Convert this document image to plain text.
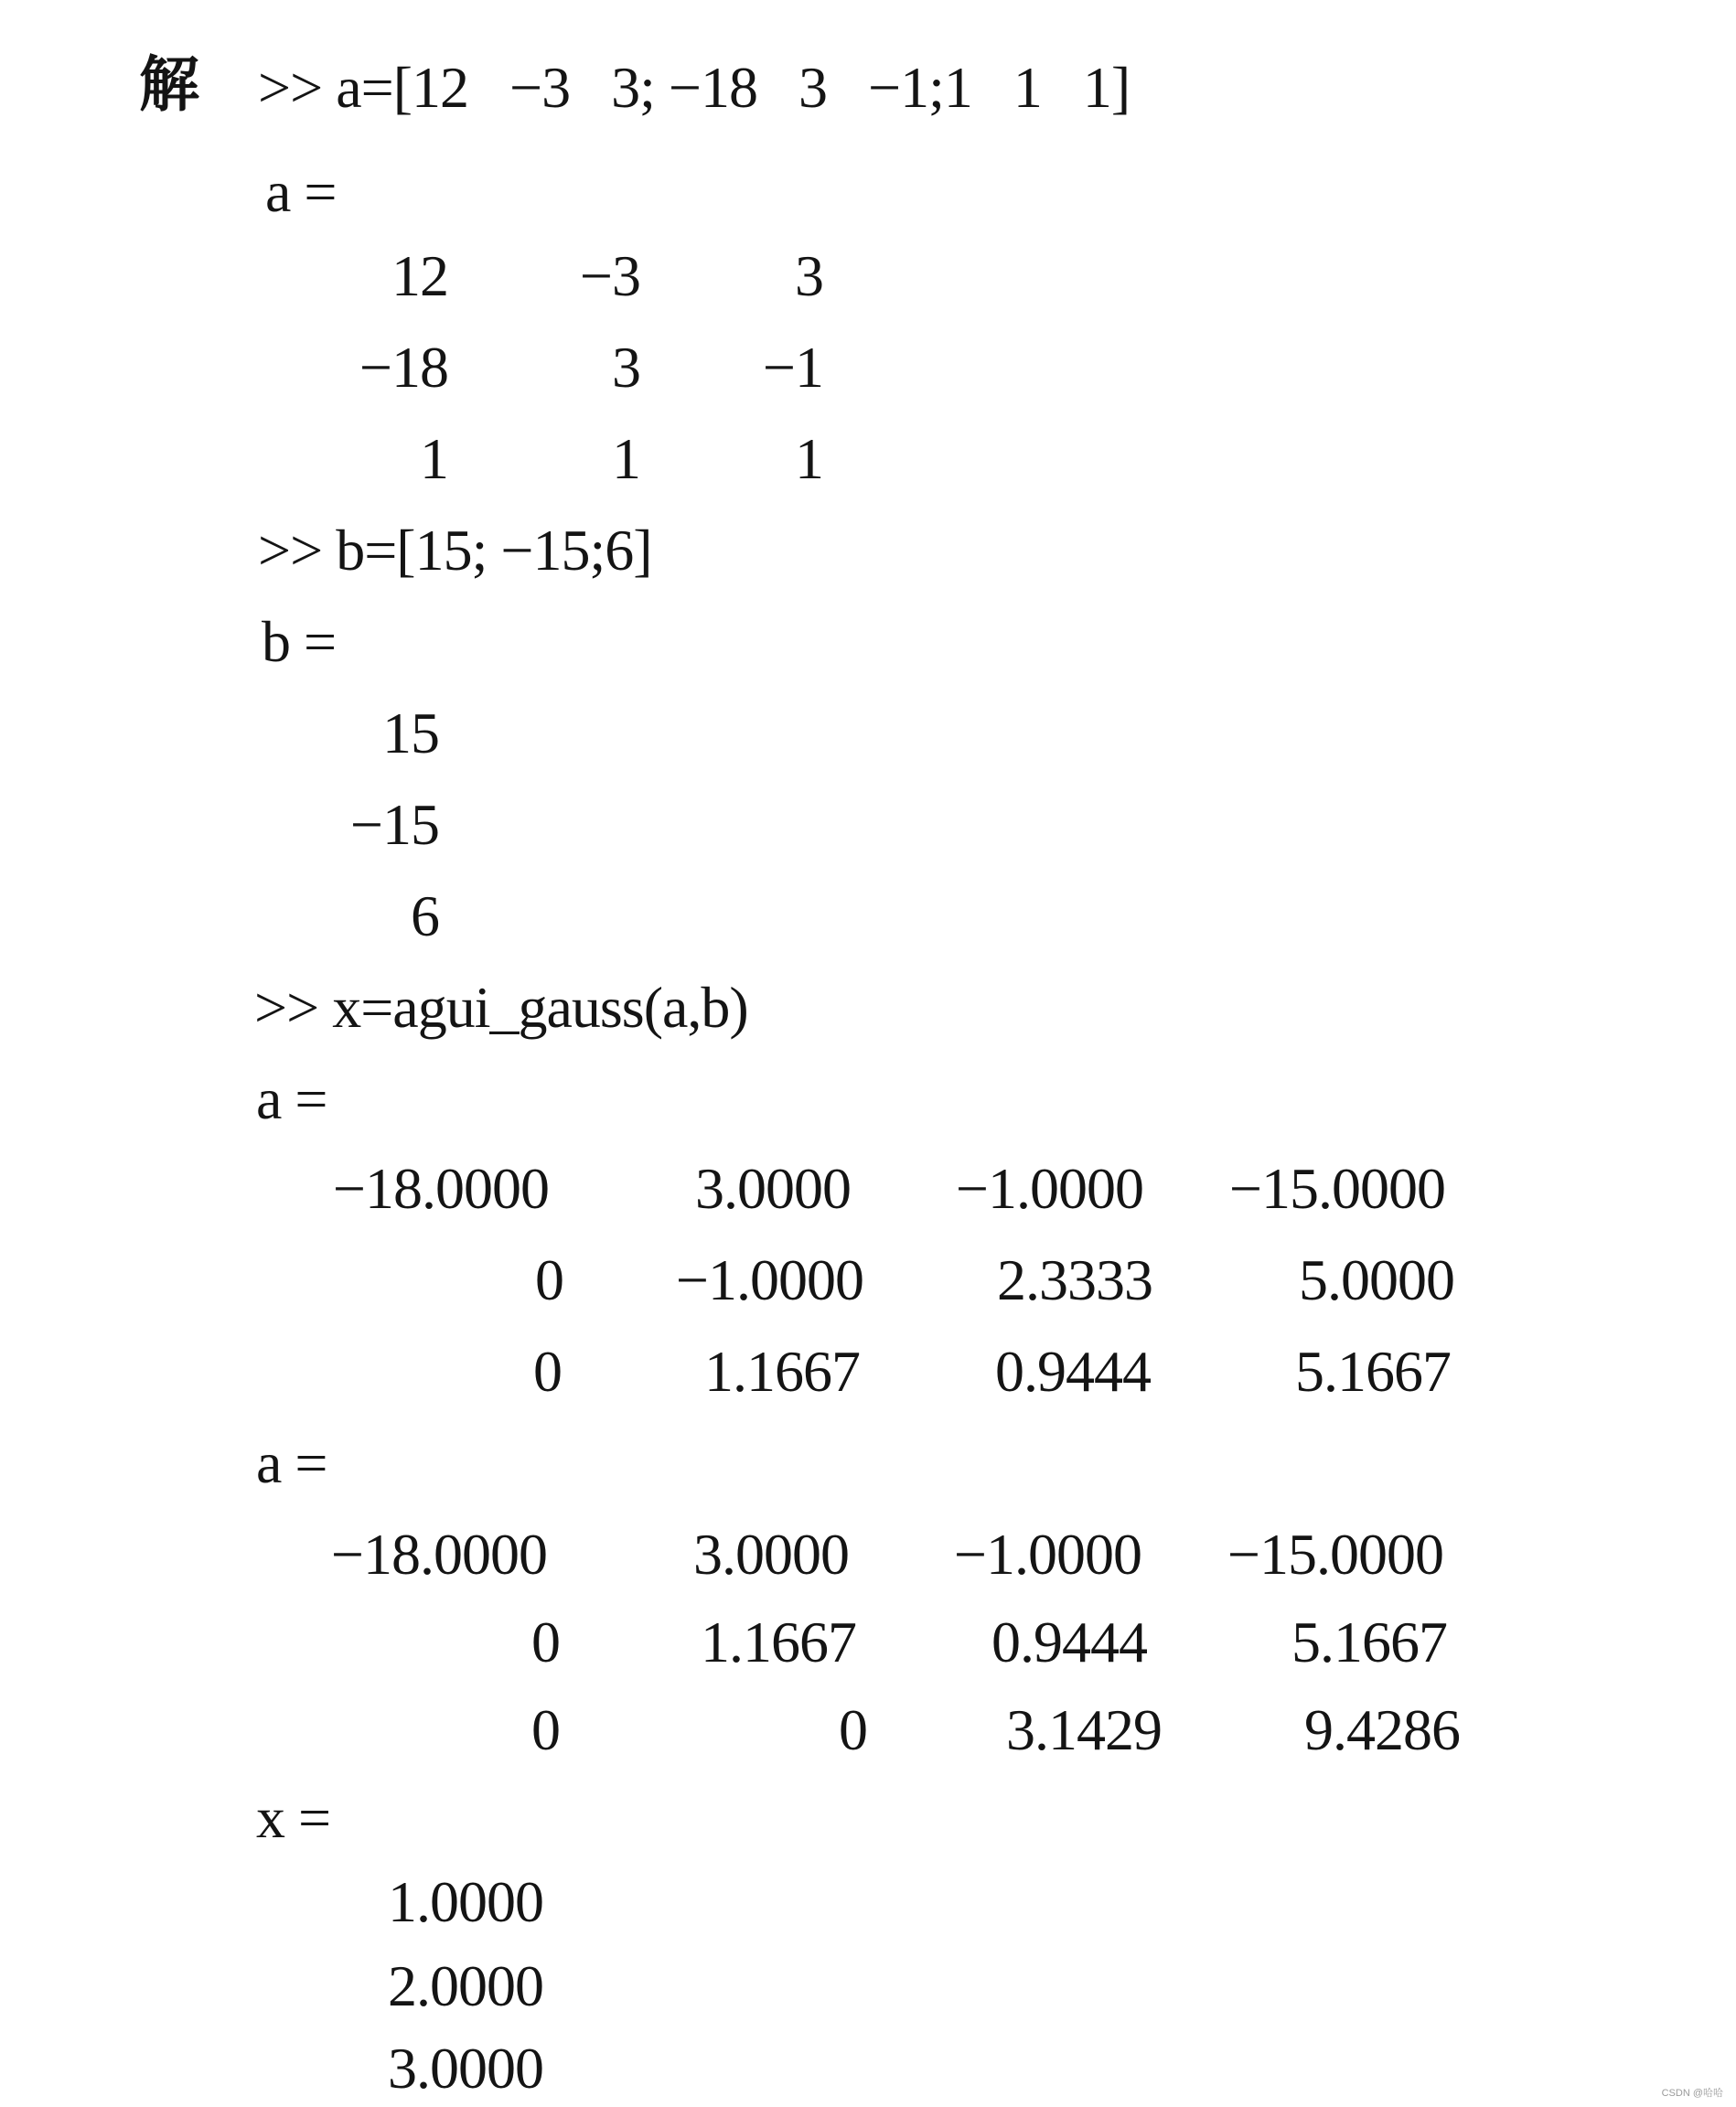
解 >> a=[12   −3   3; −18   3   −1;1   1   1]
a =
12	−3	3
−18	3	−1
1	1	1
>> b=[15; −15;6]
b =
15
−15
6
>> x=agui_gauss(a,b)
a =
−18.0000	3.0000	−1.0000	−15.0000
0	−1.0000	2.3333	5.0000
0	1.1667	0.9444	5.1667
a =
−18.0000	3.0000	−1.0000	−15.0000
0	1.1667	0.9444	5.1667
0	0	3.1429	9.4286
x =
1.0000
2.0000
3.0000	CSDN @哈哈
